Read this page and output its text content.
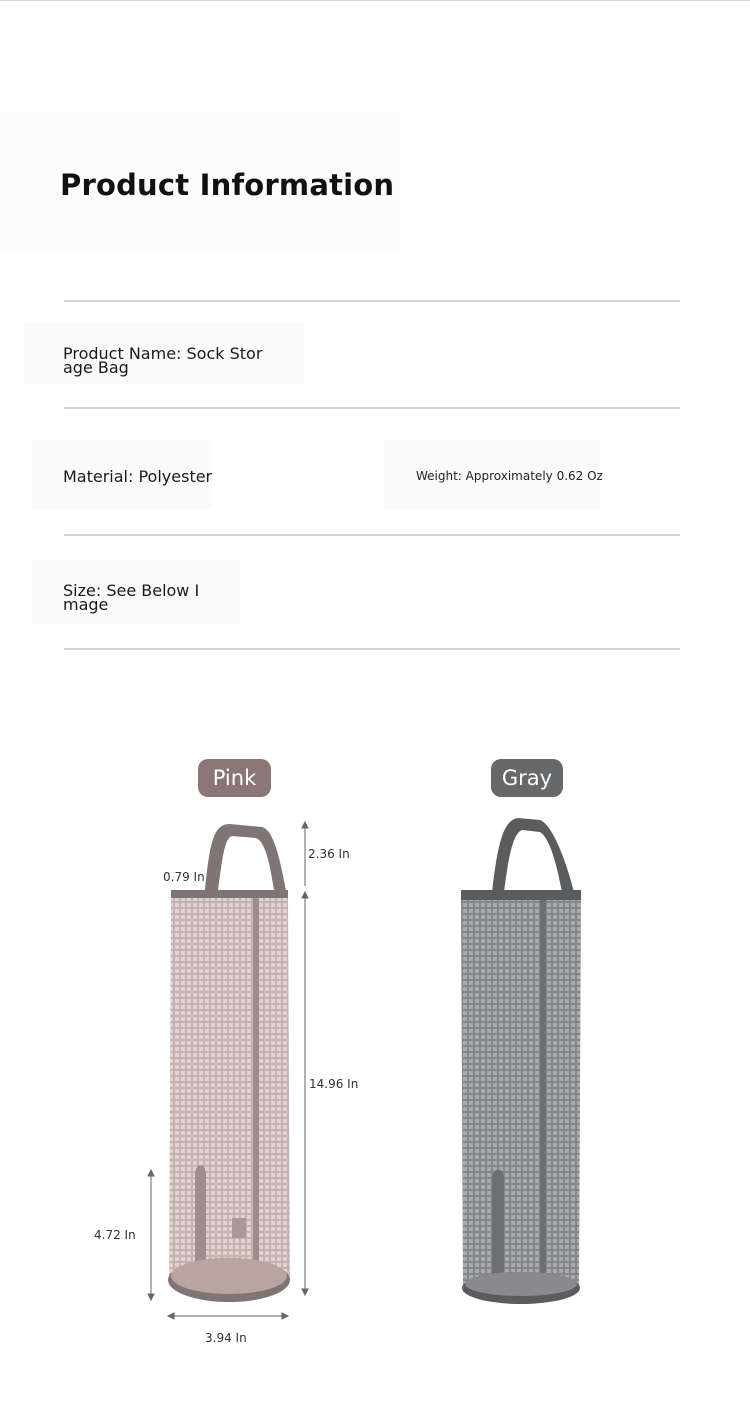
Product Information
Product Name: Sock Stor
age Bag
Material: Polyester	Weight: Approximately 0.62 Oz
Size: See Below I
mage
Pink	Gray
2.36 In
0.79 In
14.96 In
4.72 In
3.94 In
